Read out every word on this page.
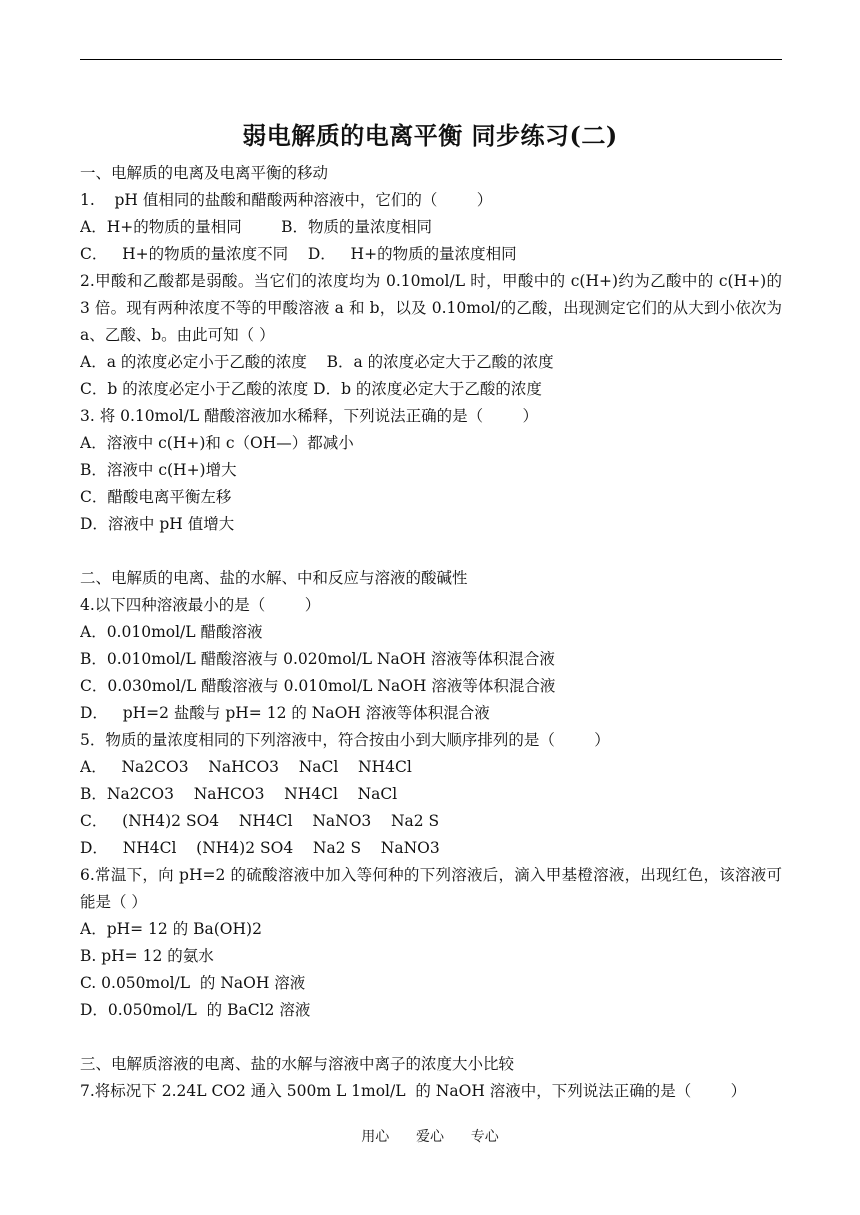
弱电解质的电离平衡 同步练习(二)
一、电解质的电离及电离平衡的移动
1.    pH 值相同的盐酸和醋酸两种溶液中，它们的（        ）
A．H+的物质的量相同        B．物质的量浓度相同
C．   H+的物质的量浓度不同    D．   H+的物质的量浓度相同
2.甲酸和乙酸都是弱酸。当它们的浓度均为 0.10mol/L 时，甲酸中的 c(H+)约为乙酸中的 c(H+)的 3 倍。现有两种浓度不等的甲酸溶液 a 和 b，以及 0.10mol/的乙酸，出现测定它们的从大到小依次为 a、乙酸、b。由此可知（ ）
A．a 的浓度必定小于乙酸的浓度    B．a 的浓度必定大于乙酸的浓度
C．b 的浓度必定小于乙酸的浓度 D．b 的浓度必定大于乙酸的浓度
3. 将 0.10mol/L 醋酸溶液加水稀释，下列说法正确的是（        ）
A．溶液中 c(H+)和 c（OH—）都减小
B．溶液中 c(H+)增大
C．醋酸电离平衡左移
D．溶液中 pH 值增大
二、电解质的电离、盐的水解、中和反应与溶液的酸碱性
4.以下四种溶液最小的是（        ）
A．0.010mol/L 醋酸溶液
B．0.010mol/L 醋酸溶液与 0.020mol/L NaOH 溶液等体积混合液
C．0.030mol/L 醋酸溶液与 0.010mol/L NaOH 溶液等体积混合液
D．   pH=2 盐酸与 pH= 12 的 NaOH 溶液等体积混合液
5．物质的量浓度相同的下列溶液中，符合按由小到大顺序排列的是（        ）
A．   Na2CO3    NaHCO3    NaCl    NH4Cl
B．Na2CO3    NaHCO3    NH4Cl    NaCl
C．   (NH4)2 SO4    NH4Cl    NaNO3    Na2 S
D．   NH4Cl    (NH4)2 SO4    Na2 S    NaNO3
6.常温下，向 pH=2 的硫酸溶液中加入等何种的下列溶液后，滴入甲基橙溶液，出现红色，该溶液可能是（ ）
A．pH= 12 的 Ba(OH)2
B. pH= 12 的氨水
C. 0.050mol/L  的 NaOH 溶液
D．0.050mol/L  的 BaCl2 溶液
三、电解质溶液的电离、盐的水解与溶液中离子的浓度大小比较
7.将标况下 2.24L CO2 通入 500m L 1mol/L  的 NaOH 溶液中，下列说法正确的是（        ）
用心      爱心      专心
